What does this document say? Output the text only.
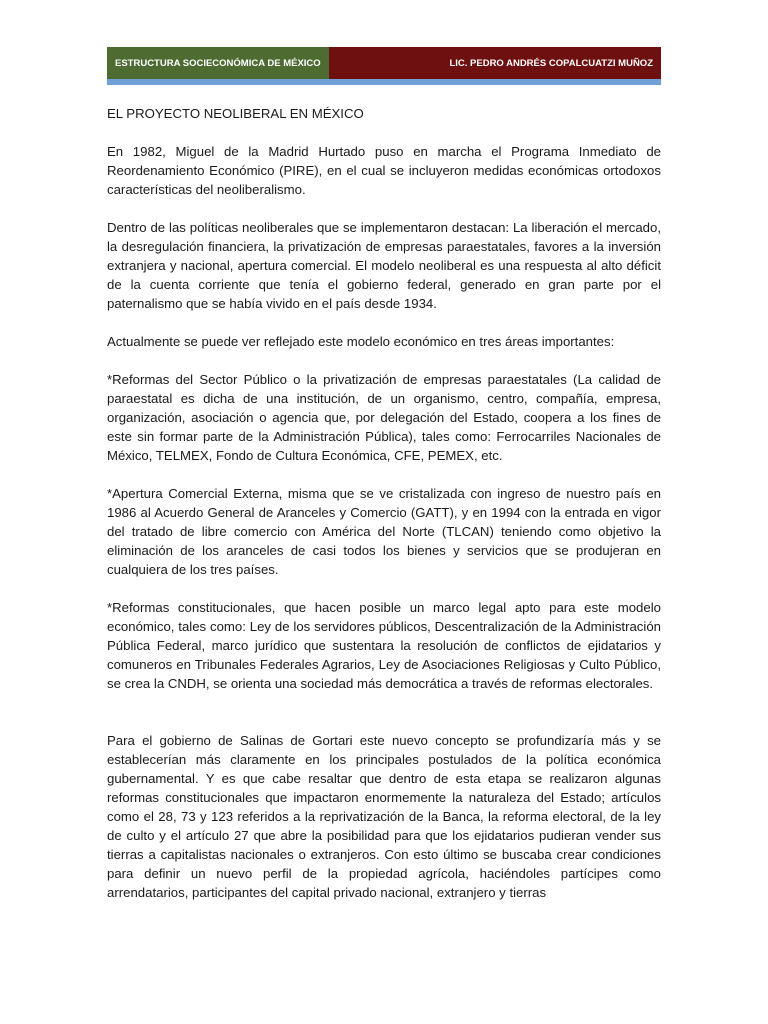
ESTRUCTURA SOCIECONÓMICA DE MÉXICO	LIC. PEDRO ANDRÉS COPALCUATZI MUÑOZ
EL PROYECTO NEOLIBERAL EN MÉXICO

En 1982, Miguel de la Madrid Hurtado puso en marcha el Programa Inmediato de Reordenamiento Económico (PIRE), en el cual se incluyeron medidas económicas ortodoxos características del neoliberalismo.

Dentro de las políticas neoliberales que se implementaron destacan: La liberación el mercado, la desregulación financiera, la privatización de empresas paraestatales, favores a la inversión extranjera y nacional, apertura comercial. El modelo neoliberal es una respuesta al alto déficit de la cuenta corriente que tenía el gobierno federal, generado en gran parte por el paternalismo que se había vivido en el país desde 1934.

Actualmente se puede ver reflejado este modelo económico en tres áreas importantes:

*Reformas del Sector Público o la privatización de empresas paraestatales (La calidad de paraestatal es dicha de una institución, de un organismo, centro, compañía, empresa, organización, asociación o agencia que, por delegación del Estado, coopera a los fines de este sin formar parte de la Administración Pública), tales como: Ferrocarriles Nacionales de México, TELMEX, Fondo de Cultura Económica, CFE, PEMEX, etc.

*Apertura Comercial Externa, misma que se ve cristalizada con ingreso de nuestro país en 1986 al Acuerdo General de Aranceles y Comercio (GATT), y en 1994 con la entrada en vigor del tratado de libre comercio con América del Norte (TLCAN) teniendo como objetivo la eliminación de los aranceles de casi todos los bienes y servicios que se produjeran en cualquiera de los tres países.

*Reformas constitucionales, que hacen posible un marco legal apto para este modelo económico, tales como: Ley de los servidores públicos, Descentralización de la Administración Pública Federal, marco jurídico que sustentara la resolución de conflictos de ejidatarios y comuneros en Tribunales Federales Agrarios, Ley de Asociaciones Religiosas y Culto Público, se crea la CNDH, se orienta una sociedad más democrática a través de reformas electorales.

Para el gobierno de Salinas de Gortari este nuevo concepto se profundizaría más y se establecerían más claramente en los principales postulados de la política económica gubernamental. Y es que cabe resaltar que dentro de esta etapa se realizaron algunas reformas constitucionales que impactaron enormemente la naturaleza del Estado; artículos como el 28, 73 y 123 referidos a la reprivatización de la Banca, la reforma electoral, de la ley de culto y el artículo 27 que abre la posibilidad para que los ejidatarios pudieran vender sus tierras a capitalistas nacionales o extranjeros. Con esto último se buscaba crear condiciones para definir un nuevo perfil de la propiedad agrícola, haciéndoles partícipes como arrendatarios, participantes del capital privado nacional, extranjero y tierras
